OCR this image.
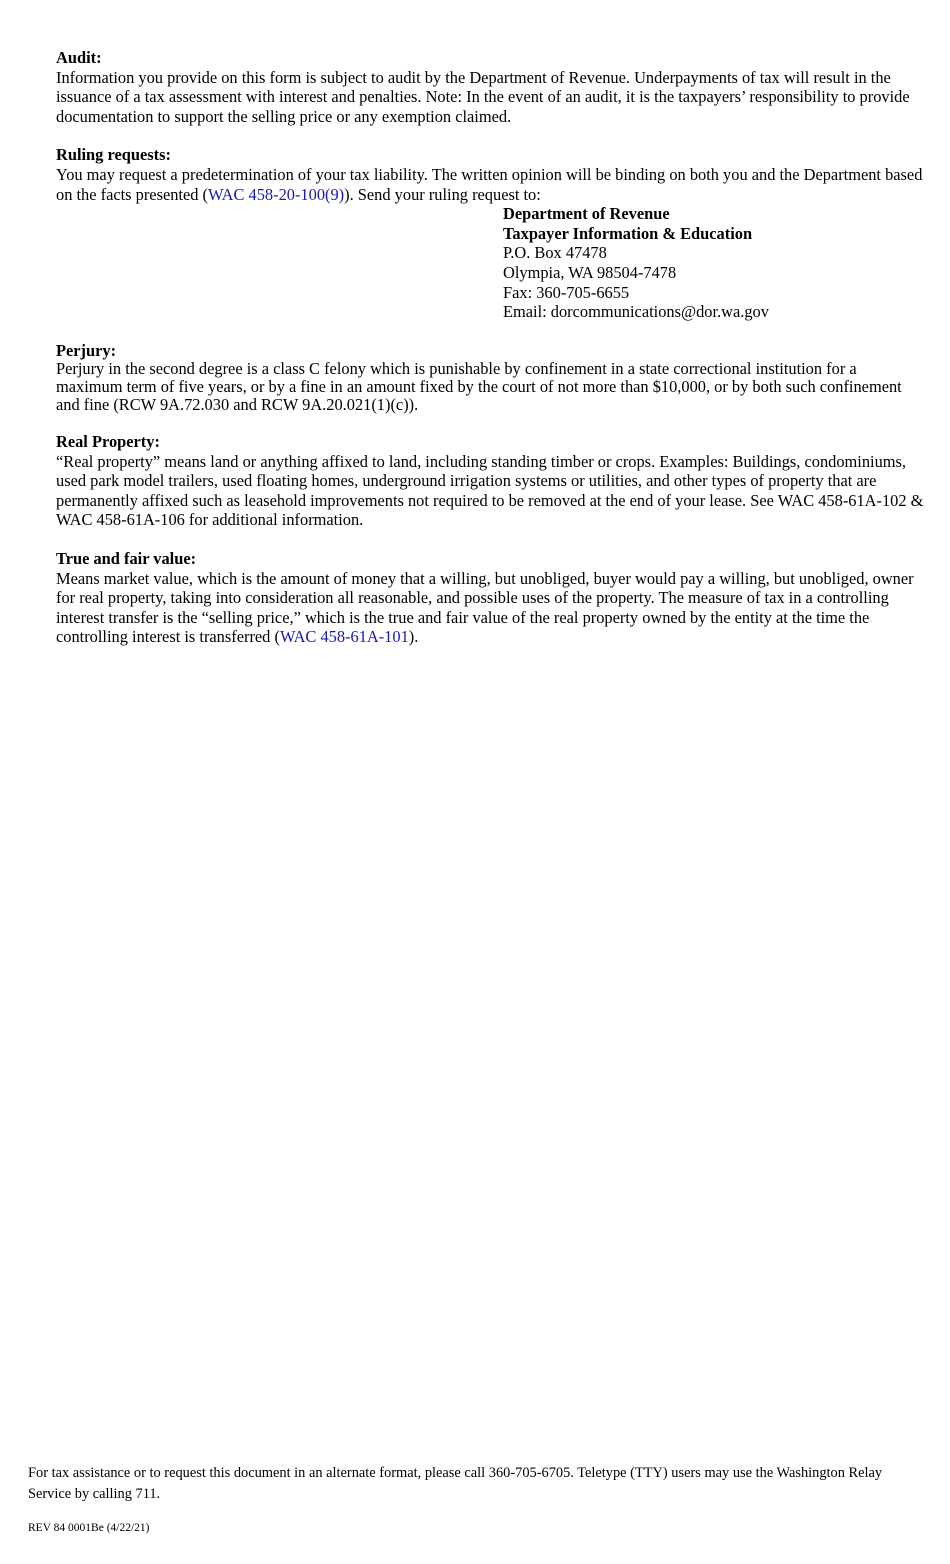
Audit:
Information you provide on this form is subject to audit by the Department of Revenue. Underpayments of tax will result in the issuance of a tax assessment with interest and penalties. Note: In the event of an audit, it is the taxpayers’ responsibility to provide documentation to support the selling price or any exemption claimed.
Ruling requests:
You may request a predetermination of your tax liability. The written opinion will be binding on both you and the Department based on the facts presented (WAC 458-20-100(9)). Send your ruling request to:
Department of Revenue
Taxpayer Information & Education
P.O. Box 47478
Olympia, WA 98504-7478
Fax: 360-705-6655
Email: dorcommunications@dor.wa.gov
Perjury:
Perjury in the second degree is a class C felony which is punishable by confinement in a state correctional institution for a maximum term of five years, or by a fine in an amount fixed by the court of not more than $10,000, or by both such confinement and fine (RCW 9A.72.030 and RCW 9A.20.021(1)(c)).
Real Property:
“Real property” means land or anything affixed to land, including standing timber or crops. Examples: Buildings, condominiums, used park model trailers, used floating homes, underground irrigation systems or utilities, and other types of property that are permanently affixed such as leasehold improvements not required to be removed at the end of your lease. See WAC 458-61A-102 & WAC 458-61A-106 for additional information.
True and fair value:
Means market value, which is the amount of money that a willing, but unobliged, buyer would pay a willing, but unobliged, owner for real property, taking into consideration all reasonable, and possible uses of the property. The measure of tax in a controlling interest transfer is the “selling price,” which is the true and fair value of the real property owned by the entity at the time the controlling interest is transferred (WAC 458-61A-101).
For tax assistance or to request this document in an alternate format, please call 360-705-6705. Teletype (TTY) users may use the Washington Relay Service by calling 711.
REV 84 0001Be (4/22/21)
